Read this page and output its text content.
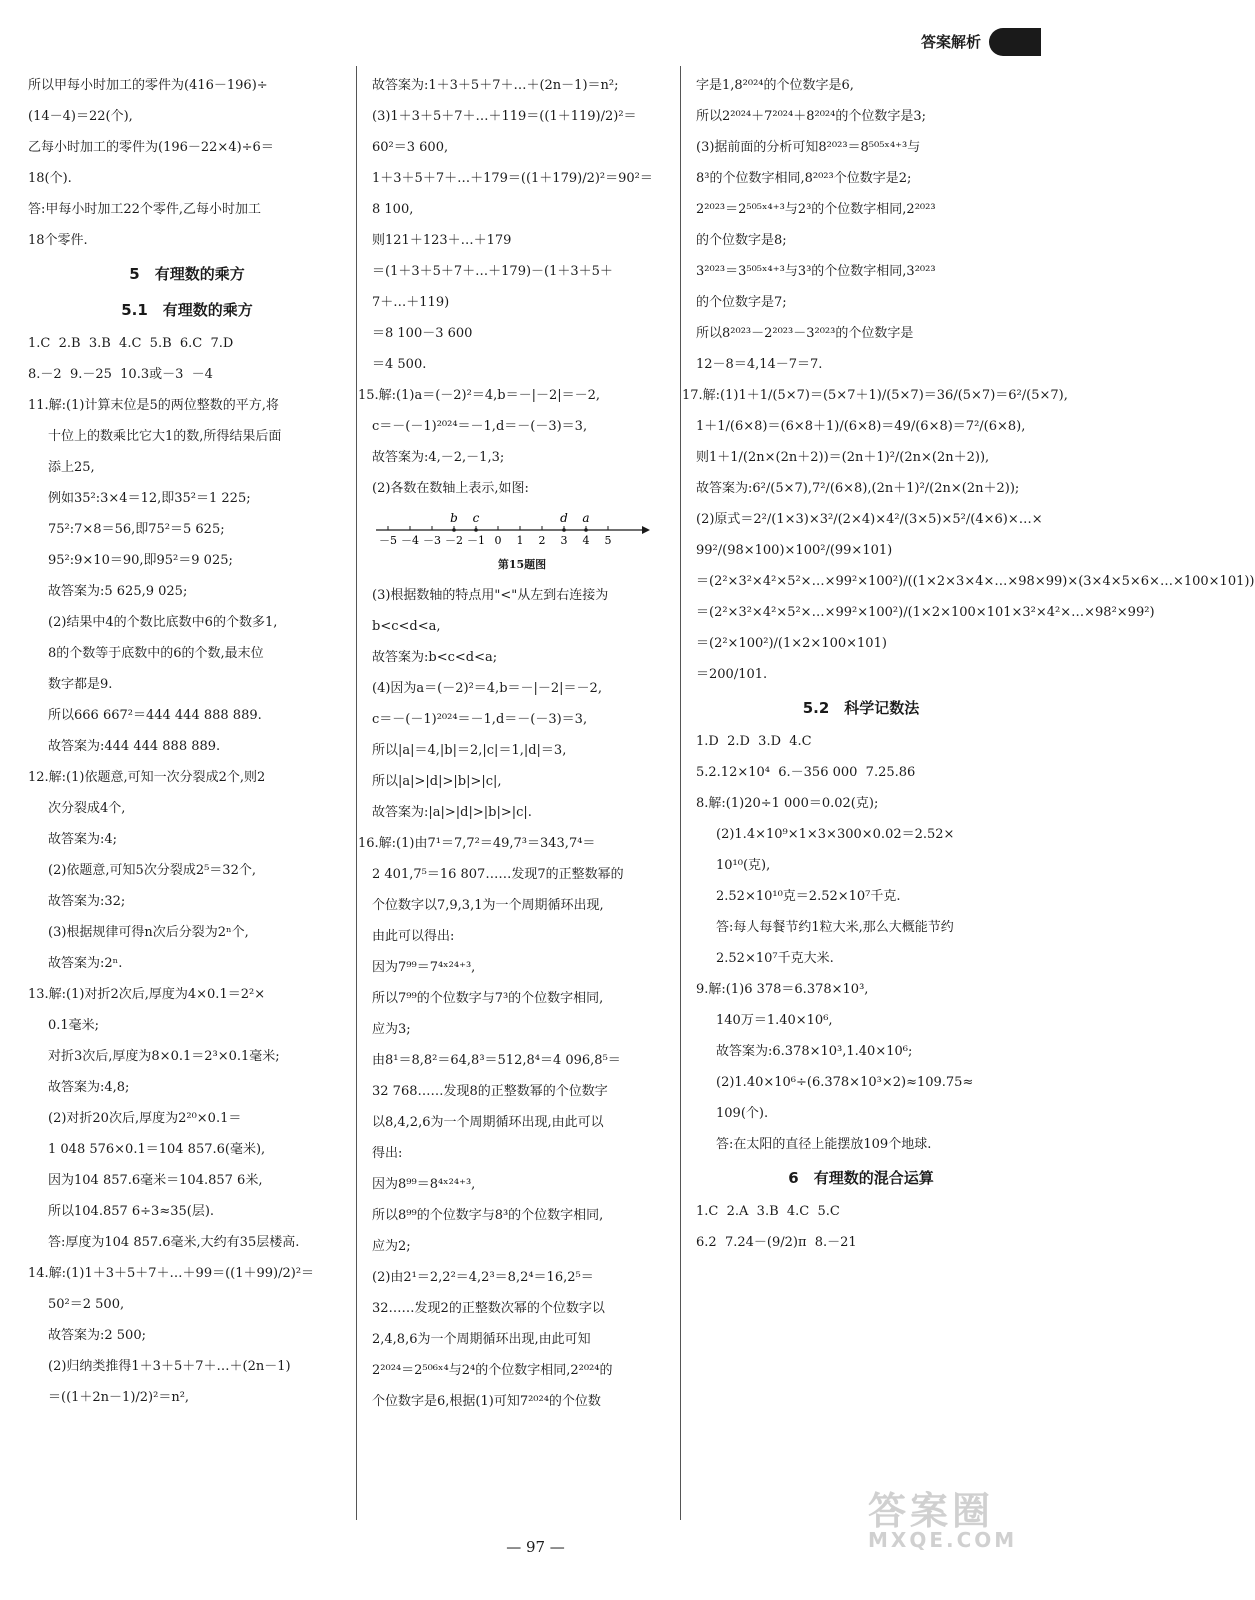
答案解析
所以甲每小时加工的零件为(416－196)÷
(14－4)＝22(个),
乙每小时加工的零件为(196－22×4)÷6＝
18(个).
答:甲每小时加工22个零件,乙每小时加工
18个零件.
5　有理数的乘方
5.1　有理数的乘方
1.C  2.B  3.B  4.C  5.B  6.C  7.D
8.－2  9.－25  10.3或－3  －4
11.解:(1)计算末位是5的两位整数的平方,将
十位上的数乘比它大1的数,所得结果后面
添上25,
例如35²:3×4＝12,即35²＝1 225;
75²:7×8＝56,即75²＝5 625;
95²:9×10＝90,即95²＝9 025;
故答案为:5 625,9 025;
(2)结果中4的个数比底数中6的个数多1,
8的个数等于底数中的6的个数,最末位
数字都是9.
所以666 667²＝444 444 888 889.
故答案为:444 444 888 889.
12.解:(1)依题意,可知一次分裂成2个,则2
次分裂成4个,
故答案为:4;
(2)依题意,可知5次分裂成2⁵＝32个,
故答案为:32;
(3)根据规律可得n次后分裂为2ⁿ个,
故答案为:2ⁿ.
13.解:(1)对折2次后,厚度为4×0.1＝2²×
0.1毫米;
对折3次后,厚度为8×0.1＝2³×0.1毫米;
故答案为:4,8;
(2)对折20次后,厚度为2²⁰×0.1＝
1 048 576×0.1＝104 857.6(毫米),
因为104 857.6毫米＝104.857 6米,
所以104.857 6÷3≈35(层).
答:厚度为104 857.6毫米,大约有35层楼高.
14.解:(1)1＋3＋5＋7＋…＋99＝((1＋99)/2)²＝
50²＝2 500,
故答案为:2 500;
(2)归纳类推得1＋3＋5＋7＋…＋(2n－1)
＝((1＋2n－1)/2)²＝n²,
故答案为:1＋3＋5＋7＋…＋(2n－1)＝n²;
(3)1＋3＋5＋7＋…＋119＝((1＋119)/2)²＝
60²＝3 600,
1＋3＋5＋7＋…＋179＝((1＋179)/2)²＝90²＝
8 100,
则121＋123＋…＋179
＝(1＋3＋5＋7＋…＋179)－(1＋3＋5＋
7＋…＋119)
＝8 100－3 600
＝4 500.
15.解:(1)a＝(－2)²＝4,b＝－|－2|＝－2,
c＝－(－1)²⁰²⁴＝－1,d＝－(－3)＝3,
故答案为:4,－2,－1,3;
(2)各数在数轴上表示,如图:
－5 －4 －3 －2 －1 0 1 2 3 4 5
b c	d a
第15题图
(3)根据数轴的特点用"<"从左到右连接为
b<c<d<a,
故答案为:b<c<d<a;
(4)因为a＝(－2)²＝4,b＝－|－2|＝－2,
c＝－(－1)²⁰²⁴＝－1,d＝－(－3)＝3,
所以|a|＝4,|b|＝2,|c|＝1,|d|＝3,
所以|a|>|d|>|b|>|c|,
故答案为:|a|>|d|>|b|>|c|.
16.解:(1)由7¹＝7,7²＝49,7³＝343,7⁴＝
2 401,7⁵＝16 807……发现7的正整数幂的
个位数字以7,9,3,1为一个周期循环出现,
由此可以得出:
因为7⁹⁹＝7⁴ˣ²⁴⁺³,
所以7⁹⁹的个位数字与7³的个位数字相同,
应为3;
由8¹＝8,8²＝64,8³＝512,8⁴＝4 096,8⁵＝
32 768……发现8的正整数幂的个位数字
以8,4,2,6为一个周期循环出现,由此可以
得出:
因为8⁹⁹＝8⁴ˣ²⁴⁺³,
所以8⁹⁹的个位数字与8³的个位数字相同,
应为2;
(2)由2¹＝2,2²＝4,2³＝8,2⁴＝16,2⁵＝
32……发现2的正整数次幂的个位数字以
2,4,8,6为一个周期循环出现,由此可知
2²⁰²⁴＝2⁵⁰⁶ˣ⁴与2⁴的个位数字相同,2²⁰²⁴的
个位数字是6,根据(1)可知7²⁰²⁴的个位数
字是1,8²⁰²⁴的个位数字是6,
所以2²⁰²⁴＋7²⁰²⁴＋8²⁰²⁴的个位数字是3;
(3)据前面的分析可知8²⁰²³＝8⁵⁰⁵ˣ⁴⁺³与
8³的个位数字相同,8²⁰²³个位数字是2;
2²⁰²³＝2⁵⁰⁵ˣ⁴⁺³与2³的个位数字相同,2²⁰²³
的个位数字是8;
3²⁰²³＝3⁵⁰⁵ˣ⁴⁺³与3³的个位数字相同,3²⁰²³
的个位数字是7;
所以8²⁰²³－2²⁰²³－3²⁰²³的个位数字是
12－8＝4,14－7＝7.
17.解:(1)1＋1/(5×7)＝(5×7＋1)/(5×7)＝36/(5×7)＝6²/(5×7),
1＋1/(6×8)＝(6×8＋1)/(6×8)＝49/(6×8)＝7²/(6×8),
则1＋1/(2n×(2n＋2))＝(2n＋1)²/(2n×(2n＋2)),
故答案为:6²/(5×7),7²/(6×8),(2n＋1)²/(2n×(2n＋2));
(2)原式＝2²/(1×3)×3²/(2×4)×4²/(3×5)×5²/(4×6)×…×
99²/(98×100)×100²/(99×101)
＝(2²×3²×4²×5²×…×99²×100²)/((1×2×3×4×…×98×99)×(3×4×5×6×…×100×101))
＝(2²×3²×4²×5²×…×99²×100²)/(1×2×100×101×3²×4²×…×98²×99²)
＝(2²×100²)/(1×2×100×101)
＝200/101.
5.2　科学记数法
1.D  2.D  3.D  4.C
5.2.12×10⁴  6.－356 000  7.25.86
8.解:(1)20÷1 000＝0.02(克);
(2)1.4×10⁹×1×3×300×0.02＝2.52×
10¹⁰(克),
2.52×10¹⁰克＝2.52×10⁷千克.
答:每人每餐节约1粒大米,那么大概能节约
2.52×10⁷千克大米.
9.解:(1)6 378＝6.378×10³,
140万＝1.40×10⁶,
故答案为:6.378×10³,1.40×10⁶;
(2)1.40×10⁶÷(6.378×10³×2)≈109.75≈
109(个).
答:在太阳的直径上能摆放109个地球.
6　有理数的混合运算
1.C  2.A  3.B  4.C  5.C
6.2  7.24－(9/2)π  8.－21
— 97 —
答案圈
MXQE.COM
